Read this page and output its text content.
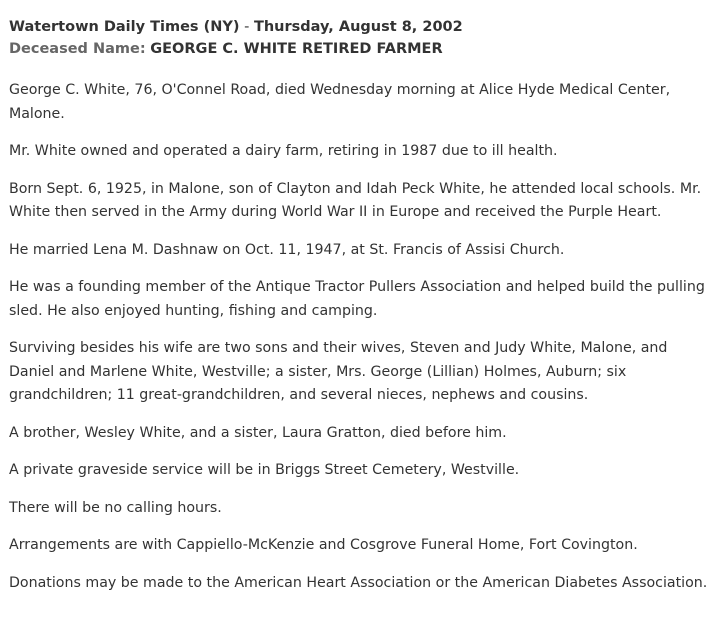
Watertown Daily Times (NY) - Thursday, August 8, 2002
Deceased Name: GEORGE C. WHITE RETIRED FARMER

George C. White, 76, O'Connel Road, died Wednesday morning at Alice Hyde Medical Center, Malone.

Mr. White owned and operated a dairy farm, retiring in 1987 due to ill health.

Born Sept. 6, 1925, in Malone, son of Clayton and Idah Peck White, he attended local schools. Mr. White then served in the Army during World War II in Europe and received the Purple Heart.

He married Lena M. Dashnaw on Oct. 11, 1947, at St. Francis of Assisi Church.

He was a founding member of the Antique Tractor Pullers Association and helped build the pulling sled. He also enjoyed hunting, fishing and camping.

Surviving besides his wife are two sons and their wives, Steven and Judy White, Malone, and Daniel and Marlene White, Westville; a sister, Mrs. George (Lillian) Holmes, Auburn; six grandchildren; 11 great-grandchildren, and several nieces, nephews and cousins.

A brother, Wesley White, and a sister, Laura Gratton, died before him.

A private graveside service will be in Briggs Street Cemetery, Westville.

There will be no calling hours.

Arrangements are with Cappiello-McKenzie and Cosgrove Funeral Home, Fort Covington.

Donations may be made to the American Heart Association or the American Diabetes Association.
